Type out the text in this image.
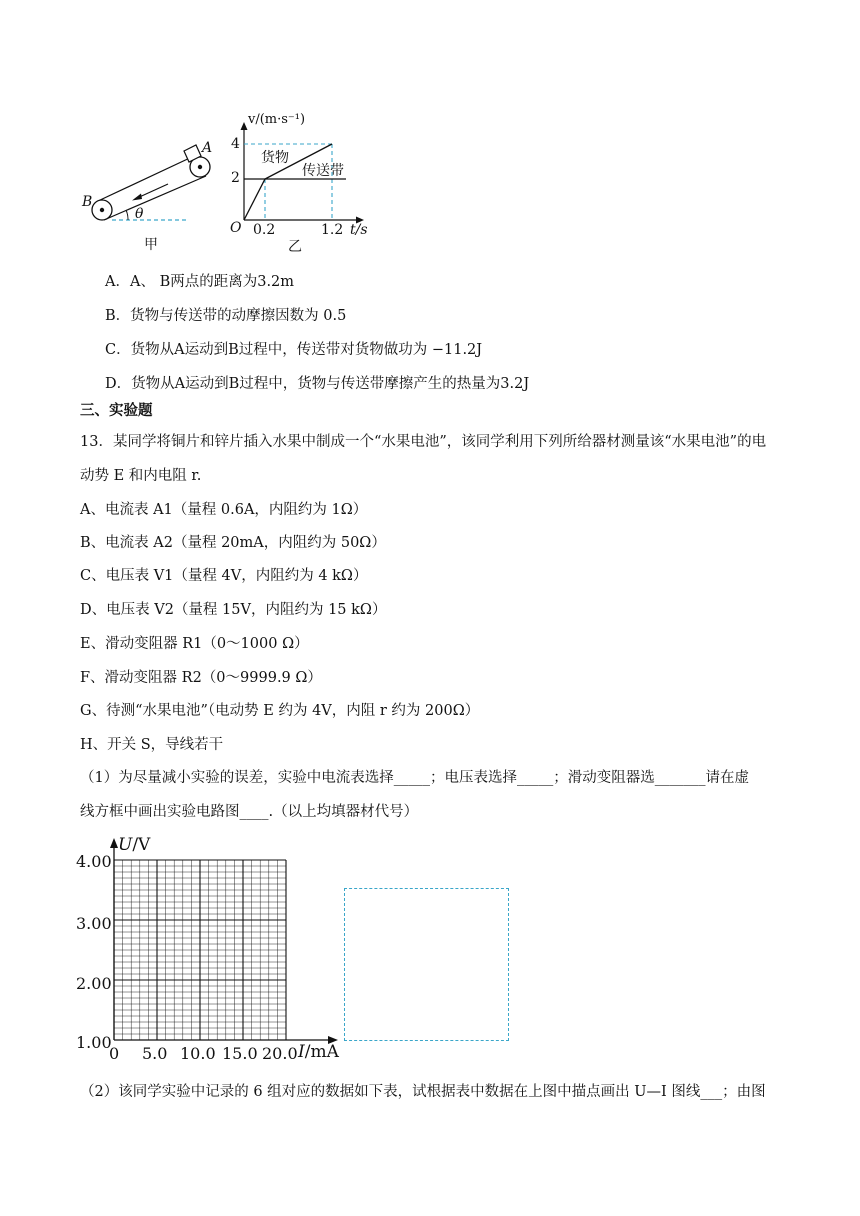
A
B
θ
甲
v/(m·s⁻¹)
4
2
货物
传送带
O 0.2	1.2 t/s
乙
A．A、 B两点的距离为3.2m
B．货物与传送带的动摩擦因数为 0.5
C．货物从A运动到B过程中，传送带对货物做功为 −11.2J
D．货物从A运动到B过程中，货物与传送带摩擦产生的热量为3.2J
三、实验题
13．某同学将铜片和锌片插入水果中制成一个“水果电池”，该同学利用下列所给器材测量该“水果电池”的电
动势 E 和内电阻 r.
A、电流表 A1（量程 0.6A，内阻约为 1Ω）
B、电流表 A2（量程 20mA，内阻约为 50Ω）
C、电压表 V1（量程 4V，内阻约为 4 kΩ）
D、电压表 V2（量程 15V，内阻约为 15 kΩ）
E、滑动变阻器 R1（0～1000 Ω）
F、滑动变阻器 R2（0～9999.9 Ω）
G、待测“水果电池”（电动势 E 约为 4V，内阻 r 约为 200Ω）
H、开关 S，导线若干
（1）为尽量减小实验的误差，实验中电流表选择_____；电压表选择_____；滑动变阻器选_______请在虚
线方框中画出实验电路图____.（以上均填器材代号）
U/V
4.00
3.00
2.00
1.00
0 5.0 10.0 15.0 20.0 I/mA
（2）该同学实验中记录的 6 组对应的数据如下表，试根据表中数据在上图中描点画出 U—I 图线___；由图
